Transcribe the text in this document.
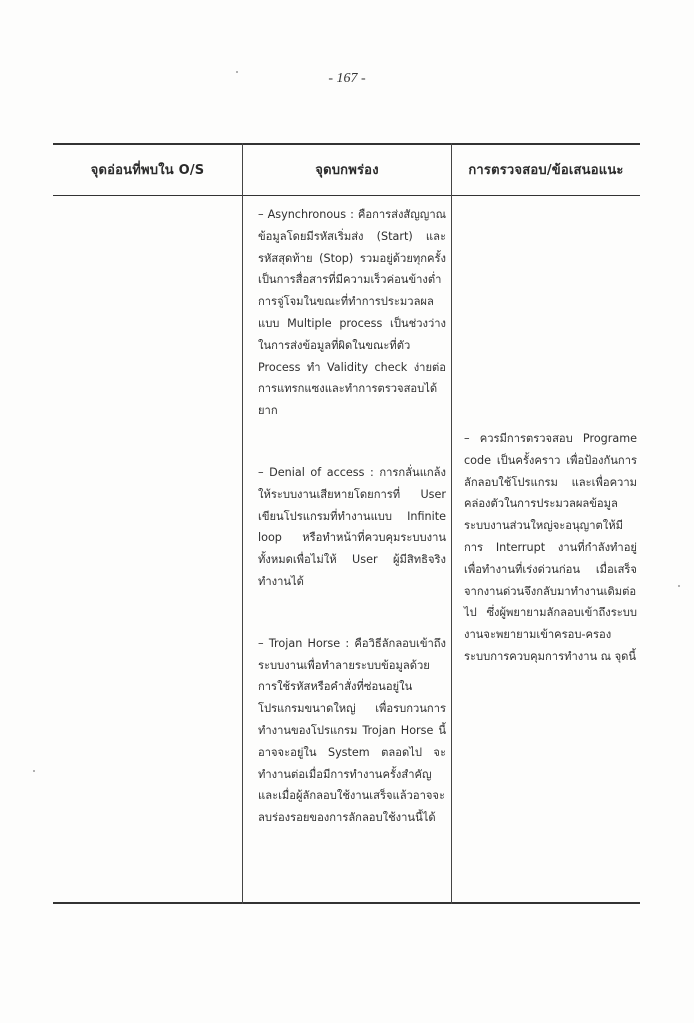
- 167 -
จุดอ่อนที่พบใน O/S	จุดบกพร่อง	การตรวจสอบ/ข้อเสนอแนะ

– Asynchronous : คือการส่งสัญญาณข้อมูลโดยมีรหัสเริ่มส่ง (Start) และรหัสสุดท้าย (Stop) รวมอยู่ด้วยทุกครั้งเป็นการสื่อสารที่มีความเร็วค่อนข้างต่ำการจู่โจมในขณะที่ทำการประมวลผลแบบ Multiple process เป็นช่วงว่างในการส่งข้อมูลที่ผิดในขณะที่ตัว Process ทำ Validity check ง่ายต่อการแทรกแซงและทำการตรวจสอบได้ยาก

– Denial of access : การกลั่นแกล้งให้ระบบงานเสียหายโดยการที่ User เขียนโปรแกรมที่ทำงานแบบ Infinite loop หรือทำหน้าที่ควบคุมระบบงานทั้งหมดเพื่อไม่ให้ User ผู้มีสิทธิจริงทำงานได้

– Trojan Horse : คือวิธีลักลอบเข้าถึงระบบงานเพื่อทำลายระบบข้อมูลด้วยการใช้รหัสหรือคำสั่งที่ซ่อนอยู่ในโปรแกรมขนาดใหญ่ เพื่อรบกวนการทำงานของโปรแกรม Trojan Horse นี้อาจจะอยู่ใน System ตลอดไป จะทำงานต่อเมื่อมีการทำงานครั้งสำคัญและเมื่อผู้ลักลอบใช้งานเสร็จแล้วอาจจะลบร่องรอยของการลักลอบใช้งานนี้ได้

– ควรมีการตรวจสอบ Programe code เป็นครั้งคราว เพื่อป้องกันการลักลอบใช้โปรแกรม และเพื่อความคล่องตัวในการประมวลผลข้อมูล ระบบงานส่วนใหญ่จะอนุญาตให้มีการ Interrupt งานที่กำลังทำอยู่ เพื่อทำงานที่เร่งด่วนก่อน เมื่อเสร็จจากงานด่วนจึงกลับมาทำงานเดิมต่อไป ซึ่งผู้พยายามลักลอบเข้าถึงระบบงานจะพยายามเข้าครอบ-ครองระบบการควบคุมการทำงาน ณ จุดนี้
